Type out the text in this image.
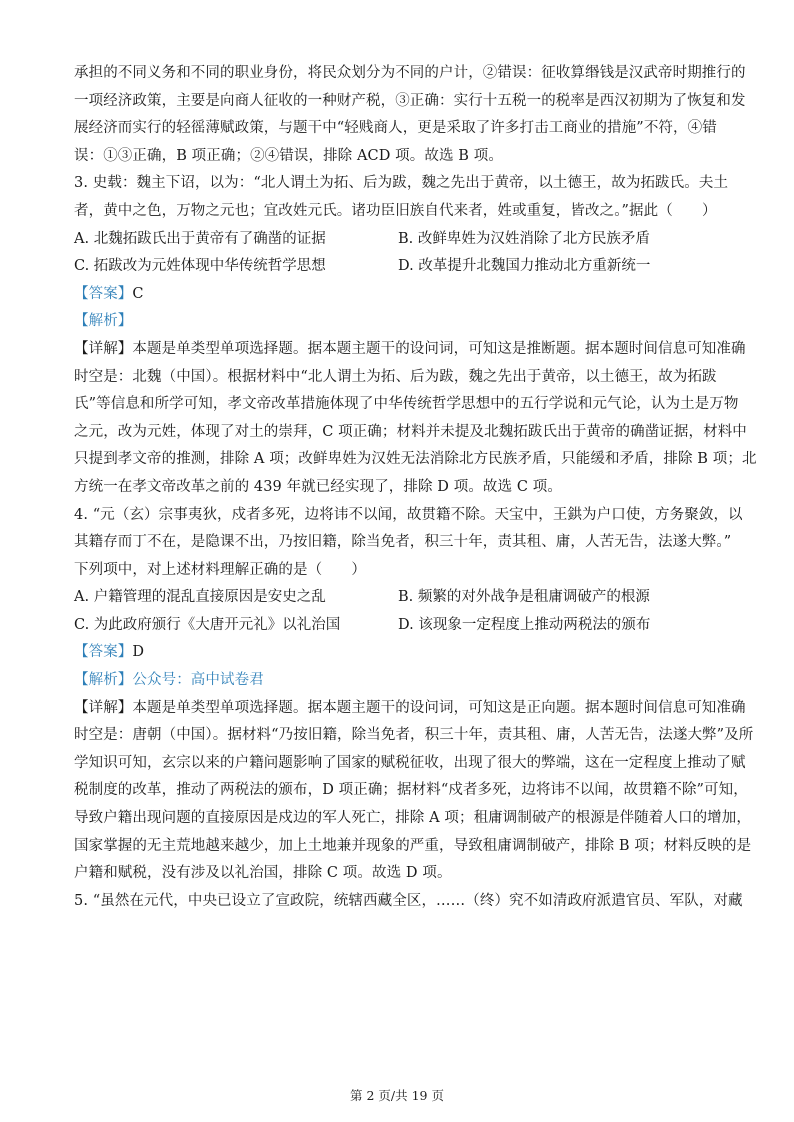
承担的不同义务和不同的职业身份，将民众划分为不同的户计，②错误：征收算缗钱是汉武帝时期推行的
一项经济政策，主要是向商人征收的一种财产税，③正确：实行十五税一的税率是西汉初期为了恢复和发
展经济而实行的轻徭薄赋政策，与题干中“轻贱商人，更是采取了许多打击工商业的措施”不符，④错
误：①③正确，B 项正确；②④错误，排除 ACD 项。故选 B 项。
3. 史载：魏主下诏，以为：“北人谓土为拓、后为跋，魏之先出于黄帝，以土德王，故为拓跋氏。夫土
者，黄中之色，万物之元也；宜改姓元氏。诸功臣旧族自代来者，姓或重复，皆改之。”据此（　　）
A. 北魏拓跋氏出于黄帝有了确凿的证据	B. 改鲜卑姓为汉姓消除了北方民族矛盾
C. 拓跋改为元姓体现中华传统哲学思想	D. 改革提升北魏国力推动北方重新统一
【答案】C
【解析】
【详解】本题是单类型单项选择题。据本题主题干的设问词，可知这是推断题。据本题时间信息可知准确
时空是：北魏（中国）。根据材料中“北人谓土为拓、后为跋，魏之先出于黄帝，以土德王，故为拓跋
氏”等信息和所学可知，孝文帝改革措施体现了中华传统哲学思想中的五行学说和元气论，认为土是万物
之元，改为元姓，体现了对土的崇拜，C 项正确；材料并未提及北魏拓跋氏出于黄帝的确凿证据，材料中
只提到孝文帝的推测，排除 A 项；改鲜卑姓为汉姓无法消除北方民族矛盾，只能缓和矛盾，排除 B 项；北
方统一在孝文帝改革之前的 439 年就已经实现了，排除 D 项。故选 C 项。
4. “元（玄）宗事夷狄，戍者多死，边将讳不以闻，故贯籍不除。天宝中，王鉷为户口使，方务聚敛，以
其籍存而丁不在，是隐课不出，乃按旧籍，除当免者，积三十年，责其租、庸，人苦无告，法遂大弊。”
下列项中，对上述材料理解正确的是（　　）
A. 户籍管理的混乱直接原因是安史之乱	B. 频繁的对外战争是租庸调破产的根源
C. 为此政府颁行《大唐开元礼》以礼治国	D. 该现象一定程度上推动两税法的颁布
【答案】D
【解析】公众号：高中试卷君
【详解】本题是单类型单项选择题。据本题主题干的设问词，可知这是正向题。据本题时间信息可知准确
时空是：唐朝（中国）。据材料“乃按旧籍，除当免者，积三十年，责其租、庸，人苦无告，法遂大弊”及所
学知识可知，玄宗以来的户籍问题影响了国家的赋税征收，出现了很大的弊端，这在一定程度上推动了赋
税制度的改革，推动了两税法的颁布，D 项正确；据材料“戍者多死，边将讳不以闻，故贯籍不除”可知，
导致户籍出现问题的直接原因是戍边的军人死亡，排除 A 项；租庸调制破产的根源是伴随着人口的增加，
国家掌握的无主荒地越来越少，加上土地兼并现象的严重，导致租庸调制破产，排除 B 项；材料反映的是
户籍和赋税，没有涉及以礼治国，排除 C 项。故选 D 项。
5. “虽然在元代，中央已设立了宣政院，统辖西藏全区，……（终）究不如清政府派遣官员、军队，对藏
第 2 页/共 19 页
